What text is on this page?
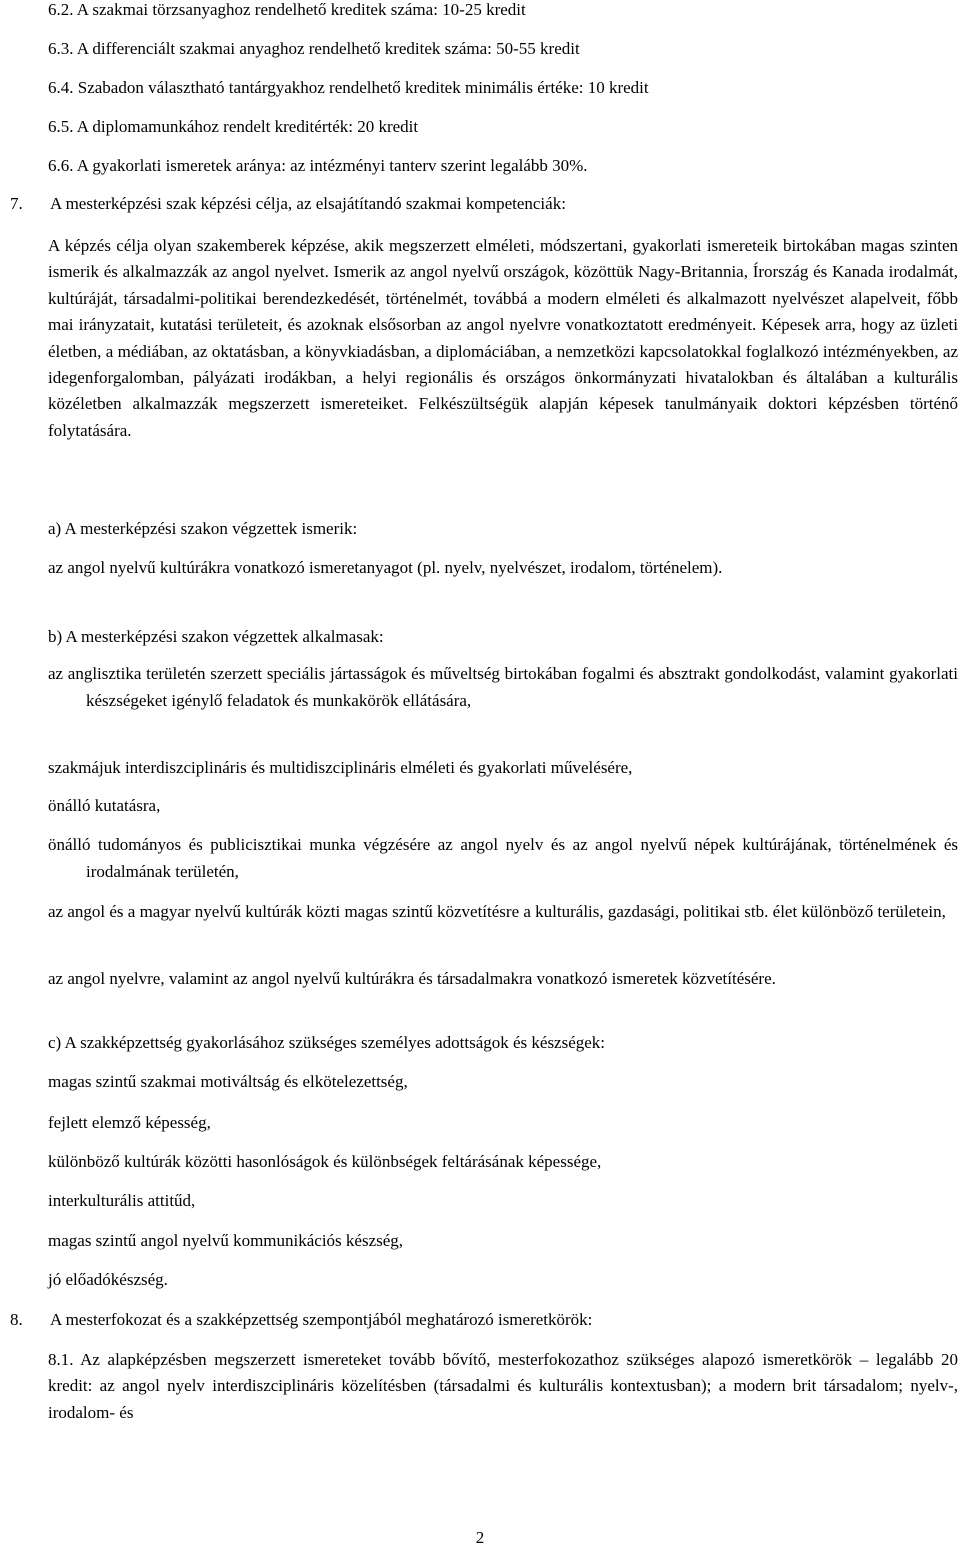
6.2. A szakmai törzsanyaghoz rendelhető kreditek száma: 10-25 kredit
6.3. A differenciált szakmai anyaghoz rendelhető kreditek száma: 50-55 kredit
6.4. Szabadon választható tantárgyakhoz rendelhető kreditek minimális értéke: 10 kredit
6.5. A diplomamunkához rendelt kreditérték: 20 kredit
6.6. A gyakorlati ismeretek aránya: az intézményi tanterv szerint legalább 30%.
7. A mesterképzési szak képzési célja, az elsajátítandó szakmai kompetenciák:

A képzés célja olyan szakemberek képzése, akik megszerzett elméleti, módszertani, gyakorlati ismereteik birtokában magas szinten ismerik és alkalmazzák az angol nyelvet. Ismerik az angol nyelvű országok, közöttük Nagy-Britannia, Írország és Kanada irodalmát, kultúráját, társadalmi-politikai berendezkedését, történelmét, továbbá a modern elméleti és alkalmazott nyelvészet alapelveit, főbb mai irányzatait, kutatási területeit, és azoknak elsősorban az angol nyelvre vonatkoztatott eredményeit. Képesek arra, hogy az üzleti életben, a médiában, az oktatásban, a könyvkiadásban, a diplomáciában, a nemzetközi kapcsolatokkal foglalkozó intézményekben, az idegenforgalomban, pályázati irodákban, a helyi regionális és országos önkormányzati hivatalokban és általában a kulturális közéletben alkalmazzák megszerzett ismereteiket. Felkészültségük alapján képesek tanulmányaik doktori képzésben történő folytatására.

a) A mesterképzési szakon végzettek ismerik:

az angol nyelvű kultúrákra vonatkozó ismeretanyagot (pl. nyelv, nyelvészet, irodalom, történelem).

b) A mesterképzési szakon végzettek alkalmasak:

az anglisztika területén szerzett speciális jártasságok és műveltség birtokában fogalmi és absztrakt gondolkodást, valamint gyakorlati készségeket igénylő feladatok és munkakörök ellátására,

szakmájuk interdiszciplináris és multidiszciplináris elméleti és gyakorlati művelésére,

önálló kutatásra,

önálló tudományos és publicisztikai munka végzésére az angol nyelv és az angol nyelvű népek kultúrájának, történelmének és irodalmának területén,

az angol és a magyar nyelvű kultúrák közti magas szintű közvetítésre a kulturális, gazdasági, politikai stb. élet különböző területein,

az angol nyelvre, valamint az angol nyelvű kultúrákra és társadalmakra vonatkozó ismeretek közvetítésére.

c) A szakképzettség gyakorlásához szükséges személyes adottságok és készségek:
magas szintű szakmai motiváltság és elkötelezettség,
fejlett elemző képesség,
különböző kultúrák közötti hasonlóságok és különbségek feltárásának képessége,
interkulturális attitűd,
magas szintű angol nyelvű kommunikációs készség,
jó előadókészség.
8. A mesterfokozat és a szakképzettség szempontjából meghatározó ismeretkörök:

8.1. Az alapképzésben megszerzett ismereteket tovább bővítő, mesterfokozathoz szükséges alapozó ismeretkörök – legalább 20 kredit: az angol nyelv interdiszciplináris közelítésben (társadalmi és kulturális kontextusban); a modern brit társadalom; nyelv-, irodalom- és

2
